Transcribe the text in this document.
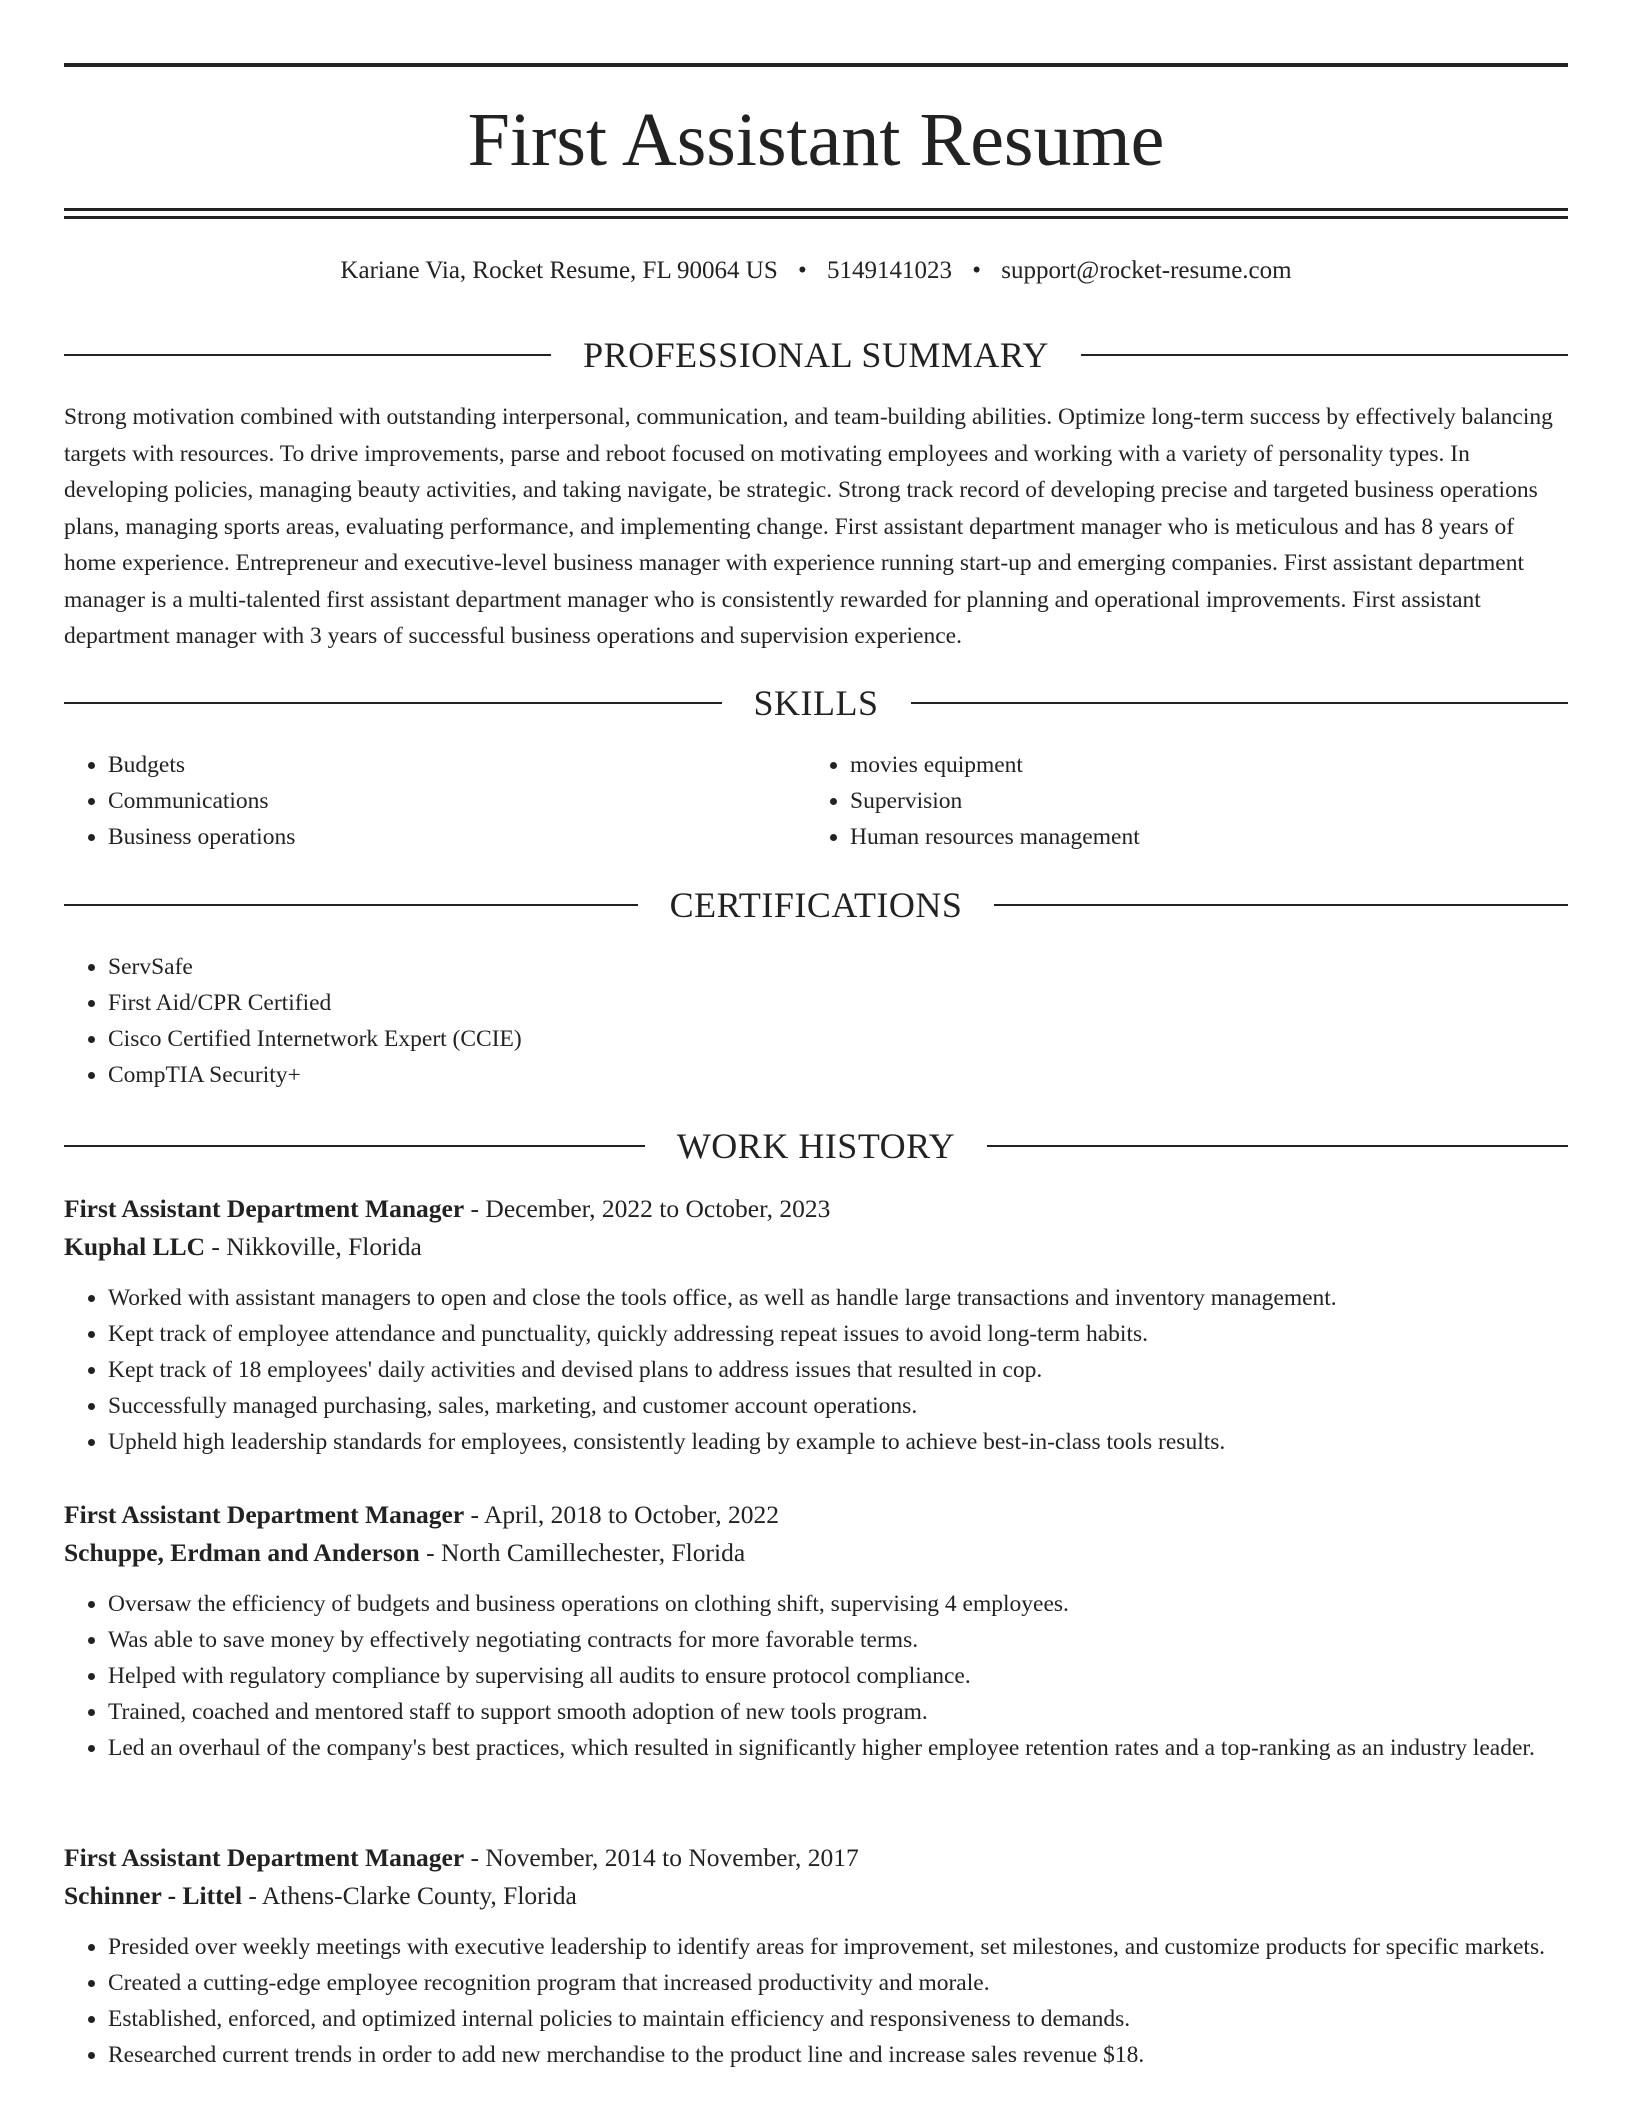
First Assistant Resume
Kariane Via, Rocket Resume, FL 90064 US • 5149141023 • support@rocket-resume.com
PROFESSIONAL SUMMARY

Strong motivation combined with outstanding interpersonal, communication, and team-building abilities. Optimize long-term success by effectively balancing targets with resources. To drive improvements, parse and reboot focused on motivating employees and working with a variety of personality types. In developing policies, managing beauty activities, and taking navigate, be strategic. Strong track record of developing precise and targeted business operations plans, managing sports areas, evaluating performance, and implementing change. First assistant department manager who is meticulous and has 8 years of home experience. Entrepreneur and executive-level business manager with experience running start-up and emerging companies. First assistant department manager is a multi-talented first assistant department manager who is consistently rewarded for planning and operational improvements. First assistant department manager with 3 years of successful business operations and supervision experience.

SKILLS
• Budgets
• Communications
• Business operations
• movies equipment
• Supervision
• Human resources management
CERTIFICATIONS
• ServSafe
• First Aid/CPR Certified
• Cisco Certified Internetwork Expert (CCIE)
• CompTIA Security+
WORK HISTORY
First Assistant Department Manager - December, 2022 to October, 2023
Kuphal LLC - Nikkoville, Florida
• Worked with assistant managers to open and close the tools office, as well as handle large transactions and inventory management.
• Kept track of employee attendance and punctuality, quickly addressing repeat issues to avoid long-term habits.
• Kept track of 18 employees' daily activities and devised plans to address issues that resulted in cop.
• Successfully managed purchasing, sales, marketing, and customer account operations.
• Upheld high leadership standards for employees, consistently leading by example to achieve best-in-class tools results.
First Assistant Department Manager - April, 2018 to October, 2022
Schuppe, Erdman and Anderson - North Camillechester, Florida
• Oversaw the efficiency of budgets and business operations on clothing shift, supervising 4 employees.
• Was able to save money by effectively negotiating contracts for more favorable terms.
• Helped with regulatory compliance by supervising all audits to ensure protocol compliance.
• Trained, coached and mentored staff to support smooth adoption of new tools program.
• Led an overhaul of the company's best practices, which resulted in significantly higher employee retention rates and a top-ranking as an industry leader.
First Assistant Department Manager - November, 2014 to November, 2017
Schinner - Littel - Athens-Clarke County, Florida
• Presided over weekly meetings with executive leadership to identify areas for improvement, set milestones, and customize products for specific markets.
• Created a cutting-edge employee recognition program that increased productivity and morale.
• Established, enforced, and optimized internal policies to maintain efficiency and responsiveness to demands.
• Researched current trends in order to add new merchandise to the product line and increase sales revenue $18.
